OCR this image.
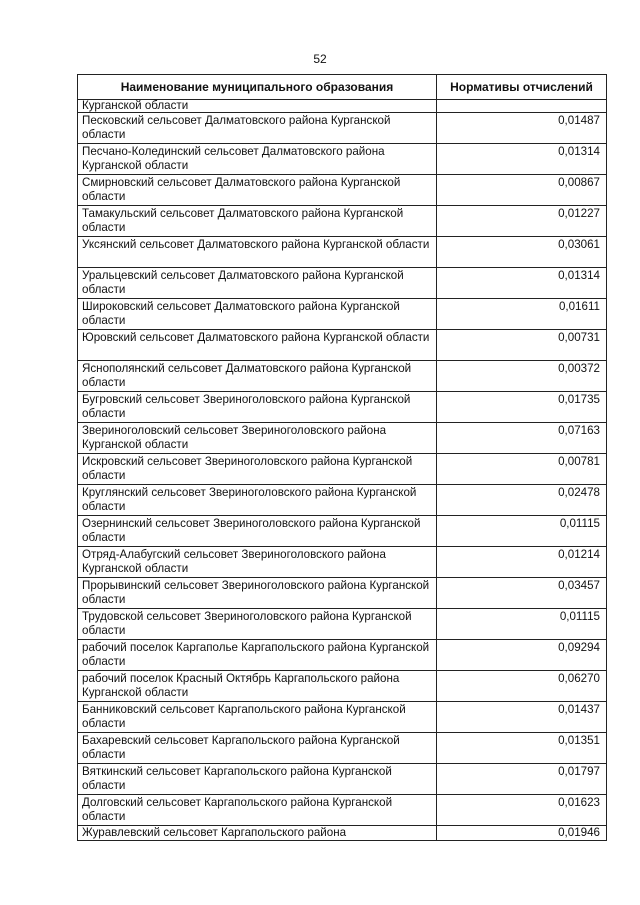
52
Наименование муниципального образования	Нормативы отчислений
Курганской области	
Песковский сельсовет Далматовского района Курганской области	0,01487
Песчано-Колединский сельсовет Далматовского района Курганской области	0,01314
Смирновский сельсовет Далматовского района Курганской области	0,00867
Тамакульский сельсовет Далматовского района Курганской области	0,01227
Уксянский сельсовет Далматовского района Курганской области	0,03061
Уральцевский сельсовет Далматовского района Курганской области	0,01314
Широковский сельсовет Далматовского района Курганской области	0,01611
Юровский сельсовет Далматовского района Курганской области	0,00731
Яснополянский сельсовет Далматовского района Курганской области	0,00372
Бугровский сельсовет Звериноголовского района Курганской области	0,01735
Звериноголовский сельсовет Звериноголовского района Курганской области	0,07163
Искровский сельсовет Звериноголовского района Курганской области	0,00781
Круглянский сельсовет Звериноголовского района Курганской области	0,02478
Озернинский сельсовет Звериноголовского района Курганской области	0,01115
Отряд-Алабугский сельсовет Звериноголовского района Курганской области	0,01214
Прорывинский сельсовет Звериноголовского района Курганской области	0,03457
Трудовской сельсовет Звериноголовского района Курганской области	0,01115
рабочий поселок Каргаполье Каргапольского района Курганской области	0,09294
рабочий поселок Красный Октябрь Каргапольского района Курганской области	0,06270
Банниковский сельсовет Каргапольского района Курганской области	0,01437
Бахаревский сельсовет Каргапольского района Курганской области	0,01351
Вяткинский сельсовет Каргапольского района Курганской области	0,01797
Долговский сельсовет Каргапольского района Курганской области	0,01623
Журавлевский сельсовет Каргапольского района	0,01946
